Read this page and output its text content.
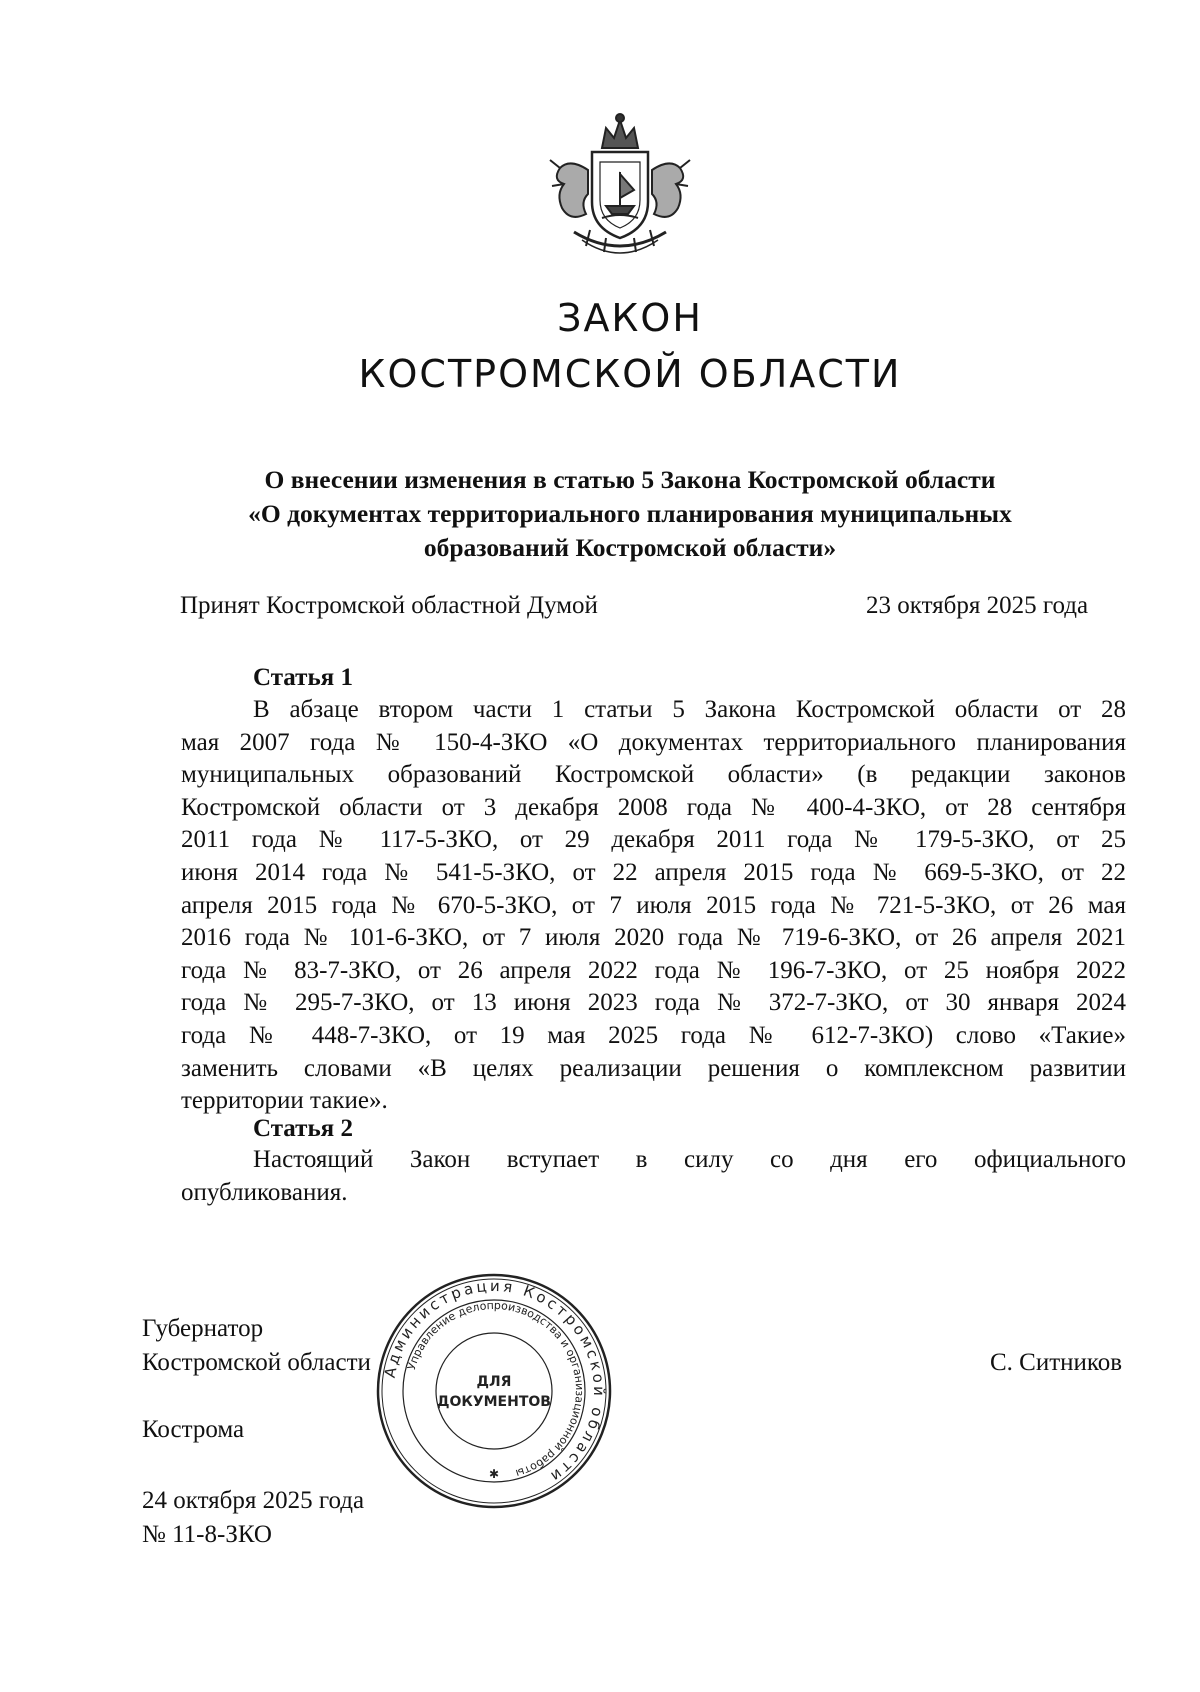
ЗАКОН
КОСТРОМСКОЙ ОБЛАСТИ
О внесении изменения в статью 5 Закона Костромской области
«О документах территориального планирования муниципальных
образований Костромской области»
Принят Костромской областной Думой	23 октября 2025 года
Статья 1
В абзаце втором части 1 статьи 5 Закона Костромской области от 28
мая 2007 года № 150-4-ЗКО «О документах территориального планирования
муниципальных образований Костромской области» (в редакции законов
Костромской области от 3 декабря 2008 года № 400-4-ЗКО, от 28 сентября
2011 года № 117-5-ЗКО, от 29 декабря 2011 года № 179-5-ЗКО, от 25
июня 2014 года № 541-5-ЗКО, от 22 апреля 2015 года № 669-5-ЗКО, от 22
апреля 2015 года № 670-5-ЗКО, от 7 июля 2015 года № 721-5-ЗКО, от 26 мая
2016 года № 101-6-ЗКО, от 7 июля 2020 года № 719-6-ЗКО, от 26 апреля 2021
года № 83-7-ЗКО, от 26 апреля 2022 года № 196-7-ЗКО, от 25 ноября 2022
года № 295-7-ЗКО, от 13 июня 2023 года № 372-7-ЗКО, от 30 января 2024
года № 448-7-ЗКО, от 19 мая 2025 года № 612-7-ЗКО) слово «Такие»
заменить словами «В целях реализации решения о комплексном развитии
территории такие».
Статья 2
Настоящий Закон вступает в силу со дня его официального
опубликования.
Губернатор
Костромской области	С. Ситников
Кострома
24 октября 2025 года
№ 11-8-ЗКО
Администрация Костромской области
Управление делопроизводства и организационной работы
ДЛЯ
ДОКУМЕНТОВ
✱
